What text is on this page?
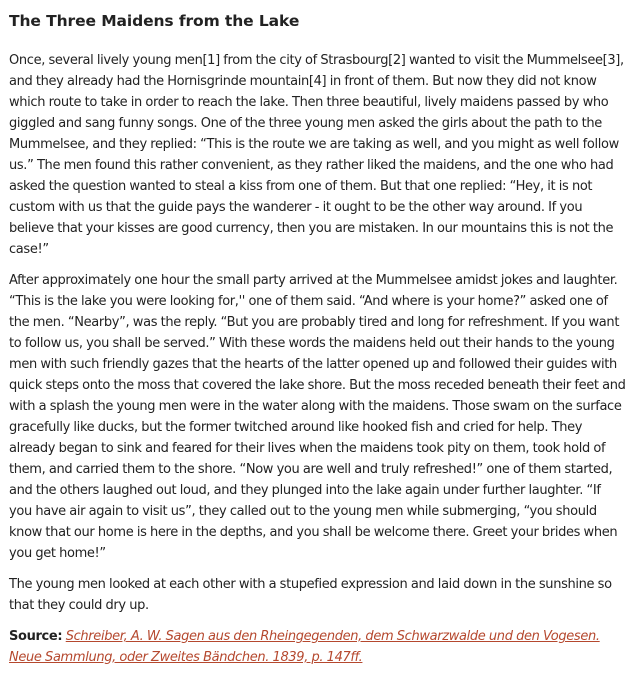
The Three Maidens from the Lake

Once, several lively young men[1] from the city of Strasbourg[2] wanted to visit the Mummelsee[3], and they already had the Hornisgrinde mountain[4] in front of them. But now they did not know which route to take in order to reach the lake. Then three beautiful, lively maidens passed by who giggled and sang funny songs. One of the three young men asked the girls about the path to the Mummelsee, and they replied: “This is the route we are taking as well, and you might as well follow us.” The men found this rather convenient, as they rather liked the maidens, and the one who had asked the question wanted to steal a kiss from one of them. But that one replied: “Hey, it is not custom with us that the guide pays the wanderer - it ought to be the other way around. If you believe that your kisses are good currency, then you are mistaken. In our mountains this is not the case!”

After approximately one hour the small party arrived at the Mummelsee amidst jokes and laughter. “This is the lake you were looking for,'' one of them said. “And where is your home?” asked one of the men. “Nearby”, was the reply. “But you are probably tired and long for refreshment. If you want to follow us, you shall be served.” With these words the maidens held out their hands to the young men with such friendly gazes that the hearts of the latter opened up and followed their guides with quick steps onto the moss that covered the lake shore. But the moss receded beneath their feet and with a splash the young men were in the water along with the maidens. Those swam on the surface gracefully like ducks, but the former twitched around like hooked fish and cried for help. They already began to sink and feared for their lives when the maidens took pity on them, took hold of them, and carried them to the shore. “Now you are well and truly refreshed!” one of them started, and the others laughed out loud, and they plunged into the lake again under further laughter. “If you have air again to visit us”, they called out to the young men while submerging, “you should know that our home is here in the depths, and you shall be welcome there. Greet your brides when you get home!”

The young men looked at each other with a stupefied expression and laid down in the sunshine so that they could dry up.

Source: Schreiber, A. W. Sagen aus den Rheingegenden, dem Schwarzwalde und den Vogesen. Neue Sammlung, oder Zweites Bändchen. 1839, p. 147ff.
